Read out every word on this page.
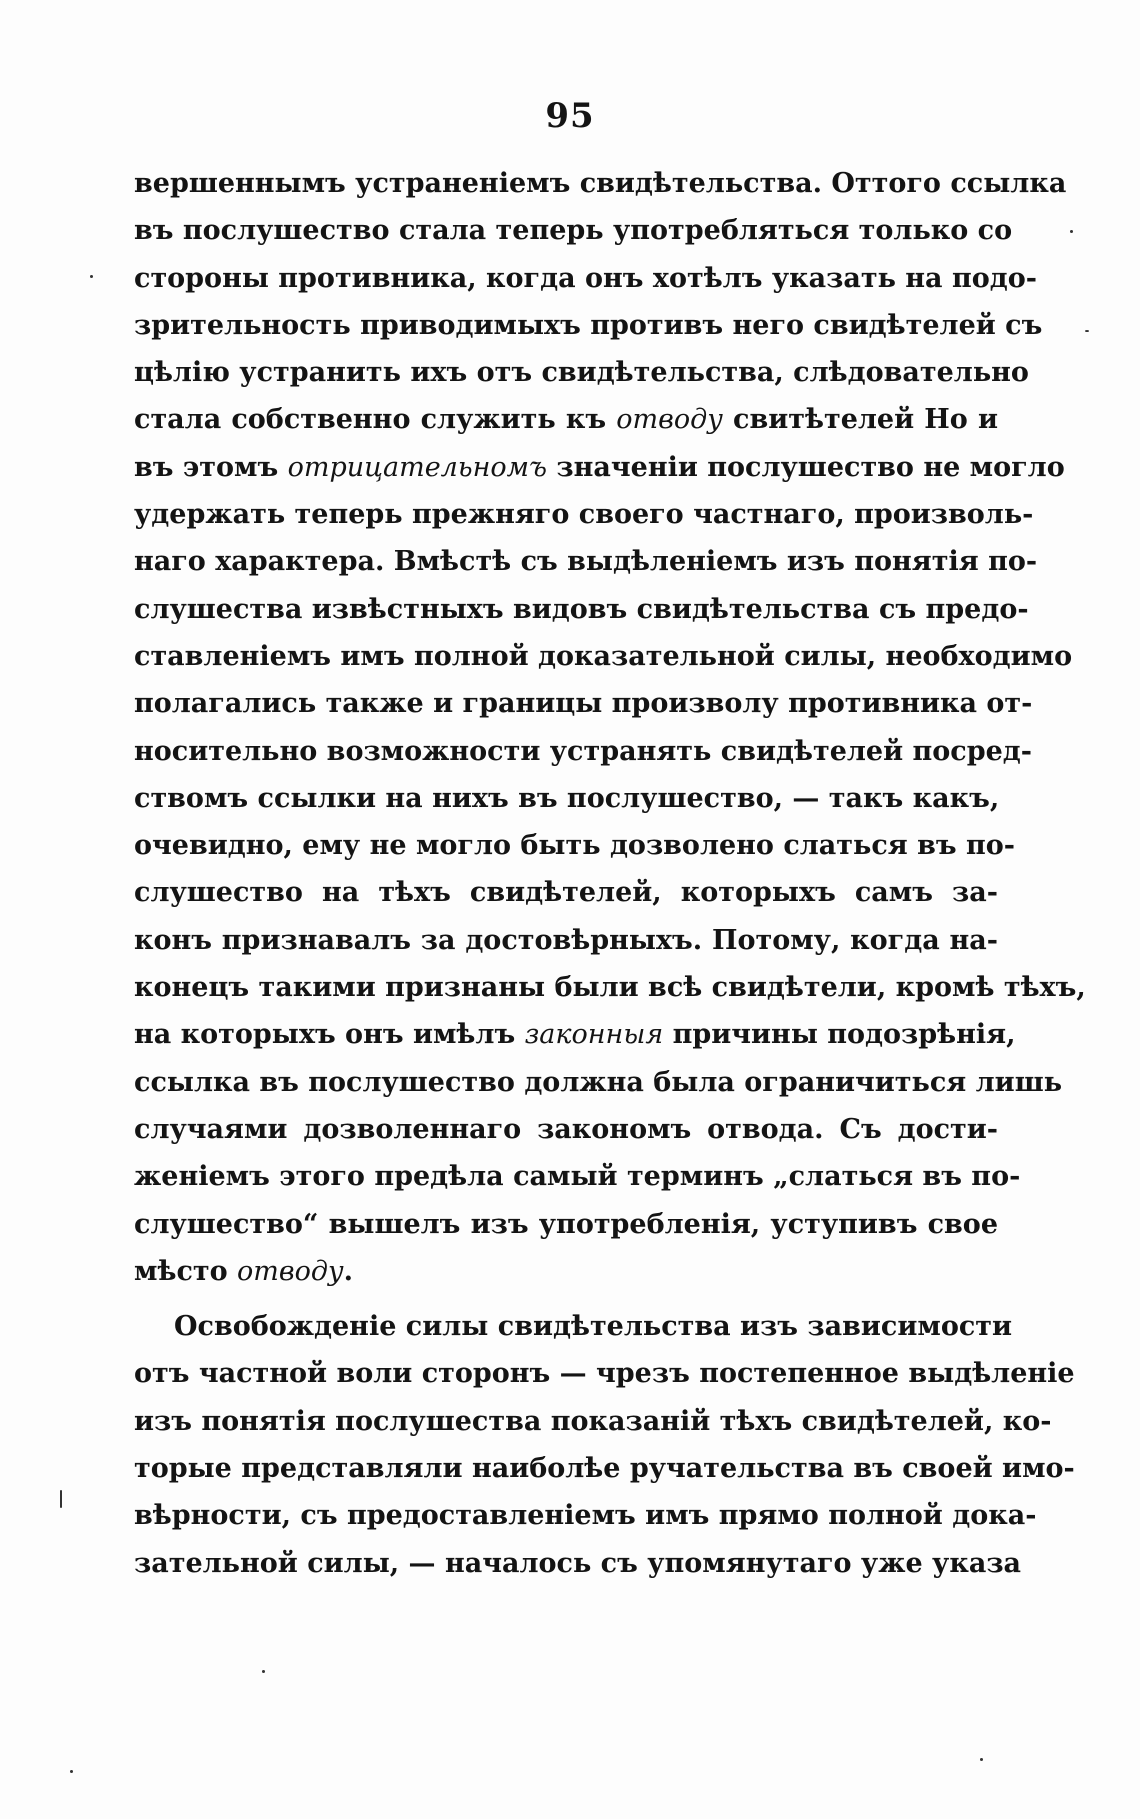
95
вершеннымъ устраненіемъ свидѣтельства. Оттого ссылка
въ послушество стала теперь употребляться только со
стороны противника, когда онъ хотѣлъ указать на подо-
зрительность приводимыхъ противъ него свидѣтелей съ
цѣлію устранить ихъ отъ свидѣтельства, слѣдовательно
стала собственно служить къ отводу свитѣтелей Но и
въ этомъ отрицательномъ значеніи послушество не могло
удержать теперь прежняго своего частнаго, произволь-
наго характера. Вмѣстѣ съ выдѣленіемъ изъ понятія по-
слушества извѣстныхъ видовъ свидѣтельства съ предо-
ставленіемъ имъ полной доказательной силы, необходимо
полагались также и границы произволу противника от-
носительно возможности устранять свидѣтелей посред-
ствомъ ссылки на нихъ въ послушество, — такъ какъ,
очевидно, ему не могло быть дозволено слаться въ по-
слушество на тѣхъ свидѣтелей, которыхъ самъ за-
конъ признавалъ за достовѣрныхъ. Потому, когда на-
конецъ такими признаны были всѣ свидѣтели, кромѣ тѣхъ,
на которыхъ онъ имѣлъ законныя причины подозрѣнія,
ссылка въ послушество должна была ограничиться лишь
случаями дозволеннаго закономъ отвода. Съ дости-
женіемъ этого предѣла самый терминъ „слаться въ по-
слушество“ вышелъ изъ употребленія, уступивъ свое
мѣсто отводу.
Освобожденіе силы свидѣтельства изъ зависимости
отъ частной воли сторонъ — чрезъ постепенное выдѣленіе
изъ понятія послушества показаній тѣхъ свидѣтелей, ко-
торые представляли наиболѣе ручательства въ своей имо-
вѣрности, съ предоставленіемъ имъ прямо полной дока-
зательной силы, — началось съ упомянутаго уже указа
